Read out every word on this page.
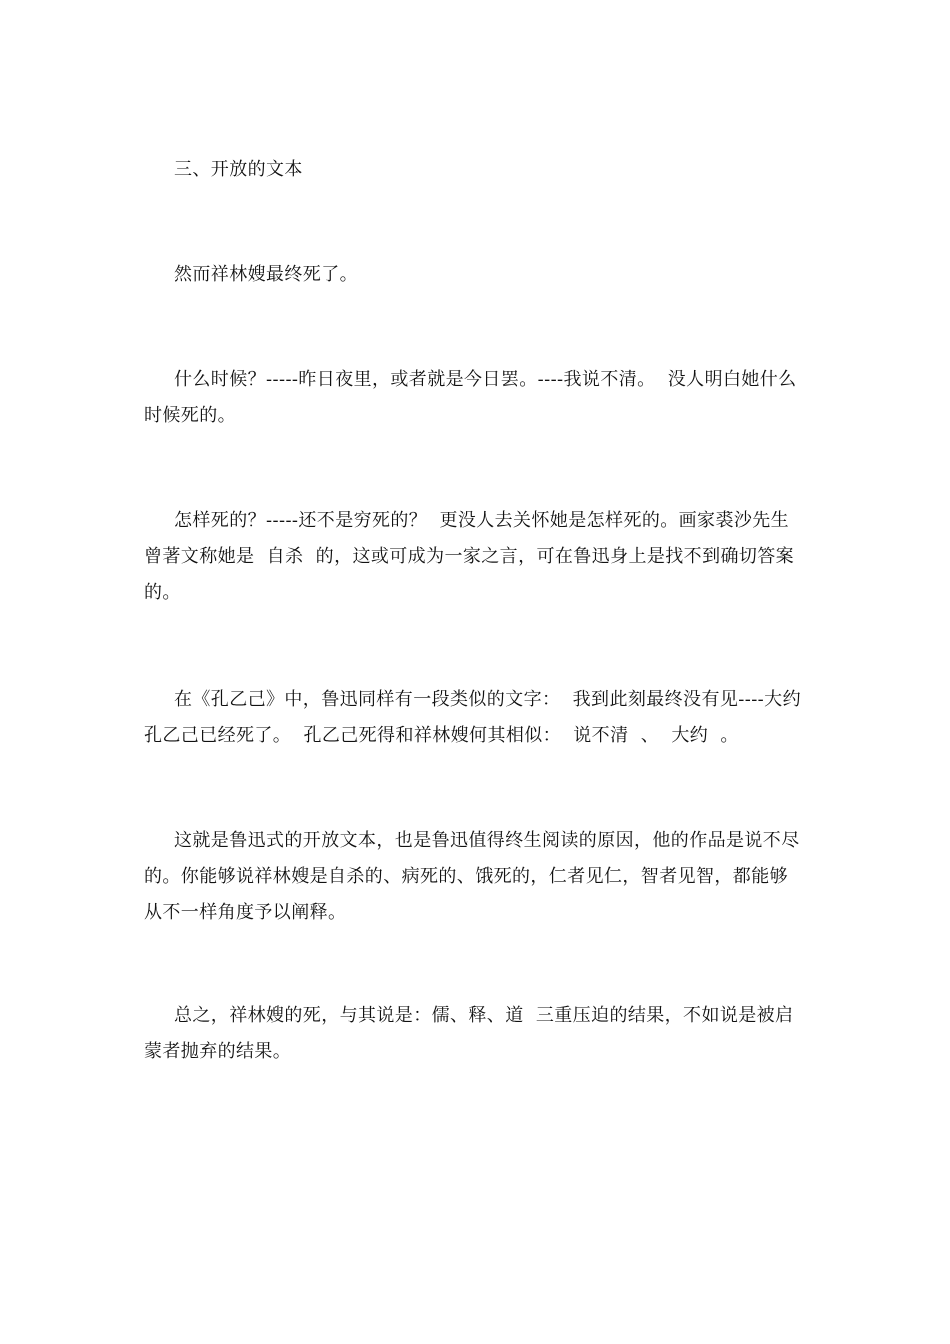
三、开放的文本

然而祥林嫂最终死了。

什么时候？-----昨日夜里，或者就是今日罢。----我说不清。  没人明白她什么时候死的。

怎样死的？-----还不是穷死的？  更没人去关怀她是怎样死的。画家裘沙先生曾著文称她是  自杀  的，这或可成为一家之言，可在鲁迅身上是找不到确切答案的。

在《孔乙己》中，鲁迅同样有一段类似的文字：  我到此刻最终没有见----大约孔乙己已经死了。  孔乙己死得和祥林嫂何其相似：  说不清  、  大约  。

这就是鲁迅式的开放文本，也是鲁迅值得终生阅读的原因，他的作品是说不尽的。你能够说祥林嫂是自杀的、病死的、饿死的，仁者见仁，智者见智，都能够从不一样角度予以阐释。

总之，祥林嫂的死，与其说是：儒、释、道  三重压迫的结果，不如说是被启蒙者抛弃的结果。
